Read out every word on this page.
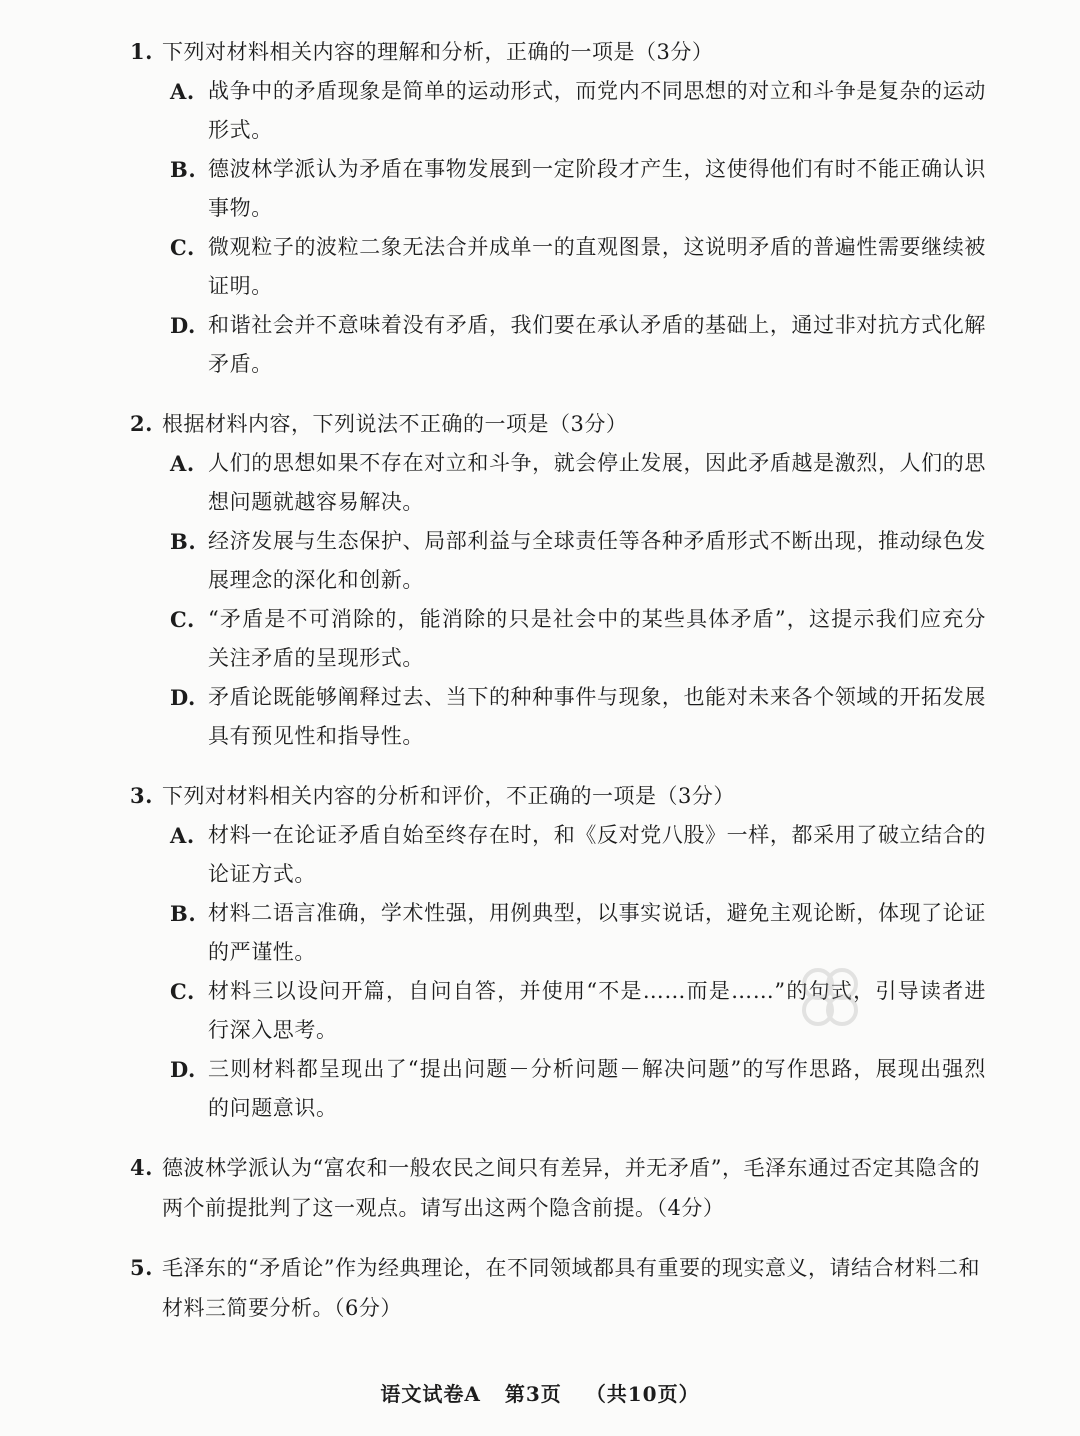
1. 下列对材料相关内容的理解和分析，正确的一项是（3分）
A. 战争中的矛盾现象是简单的运动形式，而党内不同思想的对立和斗争是复杂的运动形式。
B. 德波林学派认为矛盾在事物发展到一定阶段才产生，这使得他们有时不能正确认识事物。
C. 微观粒子的波粒二象无法合并成单一的直观图景，这说明矛盾的普遍性需要继续被证明。
D. 和谐社会并不意味着没有矛盾，我们要在承认矛盾的基础上，通过非对抗方式化解矛盾。
2. 根据材料内容，下列说法不正确的一项是（3分）
A. 人们的思想如果不存在对立和斗争，就会停止发展，因此矛盾越是激烈，人们的思想问题就越容易解决。
B. 经济发展与生态保护、局部利益与全球责任等各种矛盾形式不断出现，推动绿色发展理念的深化和创新。
C. “矛盾是不可消除的，能消除的只是社会中的某些具体矛盾”，这提示我们应充分关注矛盾的呈现形式。
D. 矛盾论既能够阐释过去、当下的种种事件与现象，也能对未来各个领域的开拓发展具有预见性和指导性。
3. 下列对材料相关内容的分析和评价，不正确的一项是（3分）
A. 材料一在论证矛盾自始至终存在时，和《反对党八股》一样，都采用了破立结合的论证方式。
B. 材料二语言准确，学术性强，用例典型，以事实说话，避免主观论断，体现了论证的严谨性。
C. 材料三以设问开篇，自问自答，并使用“不是……而是……”的句式，引导读者进行深入思考。
D. 三则材料都呈现出了“提出问题－分析问题－解决问题”的写作思路，展现出强烈的问题意识。
4. 德波林学派认为“富农和一般农民之间只有差异，并无矛盾”，毛泽东通过否定其隐含的两个前提批判了这一观点。请写出这两个隐含前提。（4分）
5. 毛泽东的“矛盾论”作为经典理论，在不同领域都具有重要的现实意义，请结合材料二和材料三简要分析。（6分）
语文试卷A 第3页 （共10页）
